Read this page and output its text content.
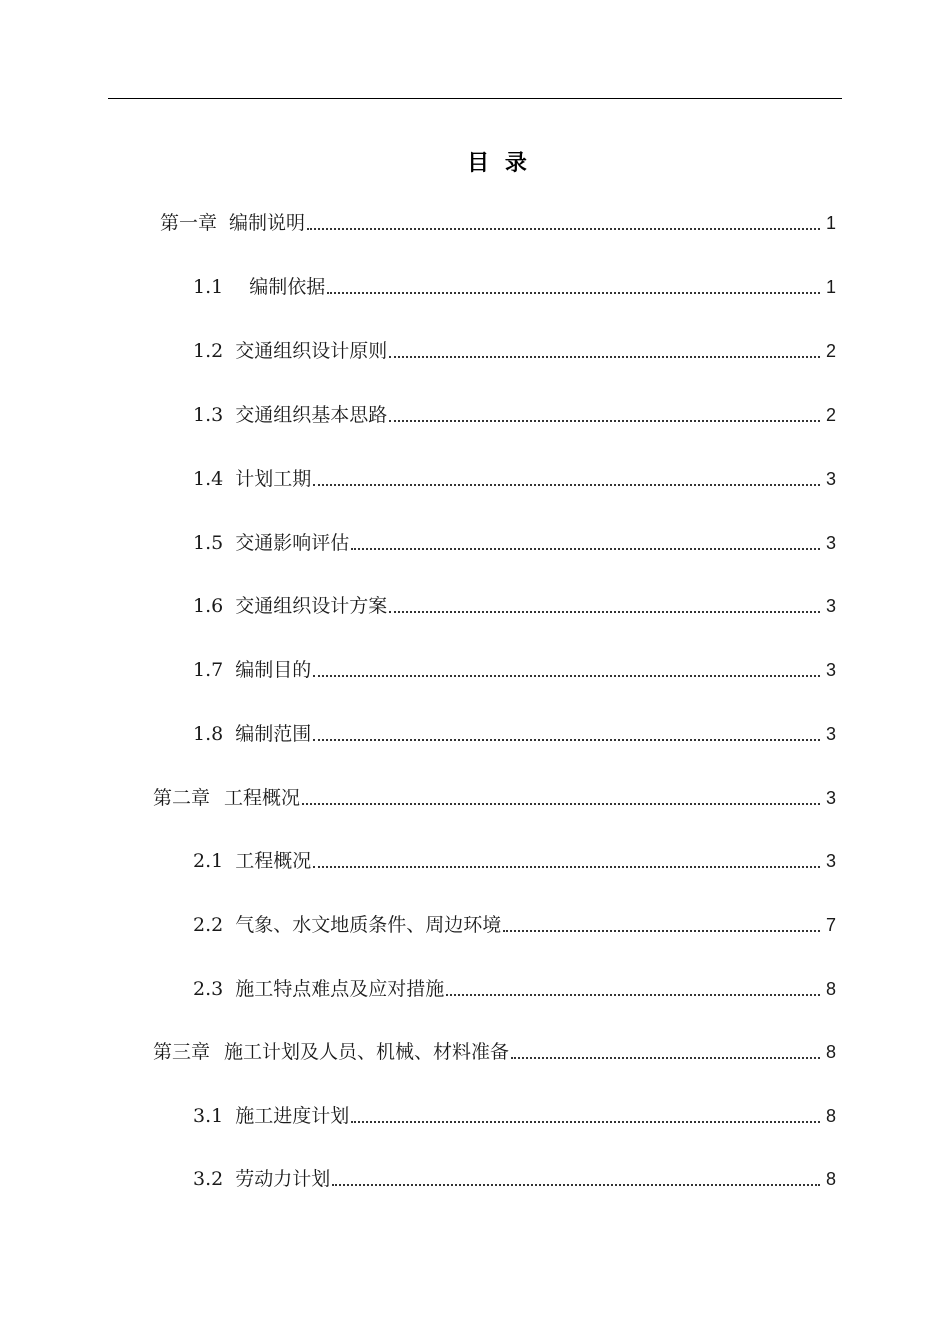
目 录
第一章 编制说明	1
1.1 编制依据	1
1.2 交通组织设计原则	2
1.3 交通组织基本思路	2
1.4 计划工期	3
1.5 交通影响评估	3
1.6 交通组织设计方案	3
1.7 编制目的	3
1.8 编制范围	3
第二章 工程概况	3
2.1 工程概况	3
2.2 气象、水文地质条件、周边环境	7
2.3 施工特点难点及应对措施	8
第三章 施工计划及人员、机械、材料准备	8
3.1 施工进度计划	8
3.2 劳动力计划	8
